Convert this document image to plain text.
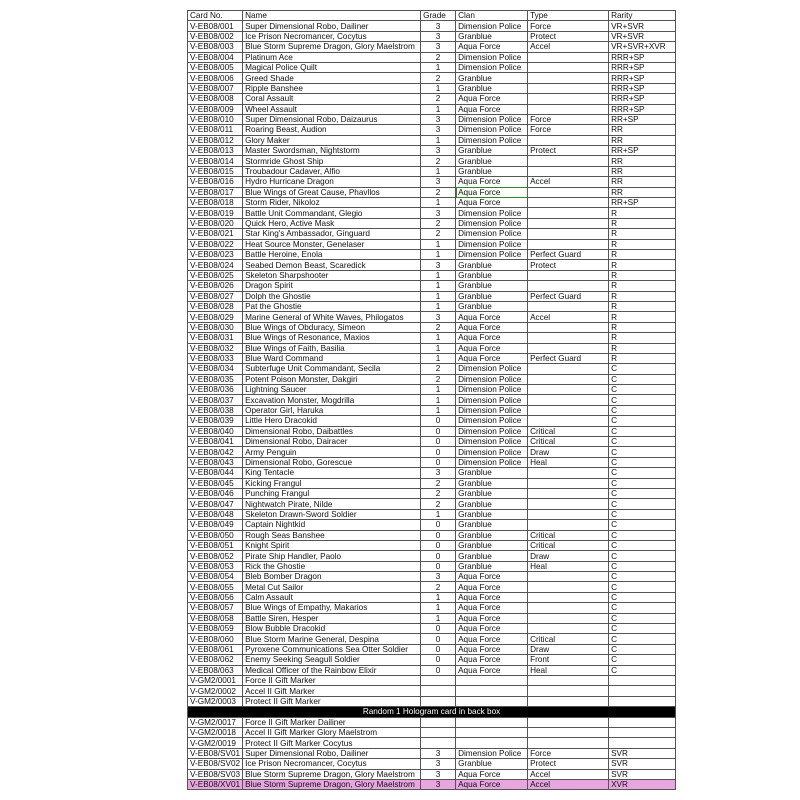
Card No.	Name	Grade	Clan	Type	Rarity
V-EB08/001	Super Dimensional Robo, Dailiner	3	Dimension Police	Force	VR+SVR
V-EB08/002	Ice Prison Necromancer, Cocytus	3	Granblue	Protect	VR+SVR
V-EB08/003	Blue Storm Supreme Dragon, Glory Maelstrom	3	Aqua Force	Accel	VR+SVR+XVR
V-EB08/004	Platinum Ace	2	Dimension Police		RRR+SP
V-EB08/005	Magical Police Quilt	1	Dimension Police		RRR+SP
V-EB08/006	Greed Shade	2	Granblue		RRR+SP
V-EB08/007	Ripple Banshee	1	Granblue		RRR+SP
V-EB08/008	Coral Assault	2	Aqua Force		RRR+SP
V-EB08/009	Wheel Assault	1	Aqua Force		RRR+SP
V-EB08/010	Super Dimensional Robo, Daizaurus	3	Dimension Police	Force	RR+SP
V-EB08/011	Roaring Beast, Audion	3	Dimension Police	Force	RR
V-EB08/012	Glory Maker	1	Dimension Police		RR
V-EB08/013	Master Swordsman, Nightstorm	3	Granblue	Protect	RR+SP
V-EB08/014	Stormride Ghost Ship	2	Granblue		RR
V-EB08/015	Troubadour Cadaver, Alfio	1	Granblue		RR
V-EB08/016	Hydro Hurricane Dragon	3	Aqua Force	Accel	RR
V-EB08/017	Blue Wings of Great Cause, Phavllos	2	Aqua Force		RR
V-EB08/018	Storm Rider, Nikoloz	1	Aqua Force		RR+SP
V-EB08/019	Battle Unit Commandant, Glegio	3	Dimension Police		R
V-EB08/020	Quick Hero, Active Mask	2	Dimension Police		R
V-EB08/021	Star King's Ambassador, Ginguard	2	Dimension Police		R
V-EB08/022	Heat Source Monster, Genelaser	1	Dimension Police		R
V-EB08/023	Battle Heroine, Enola	1	Dimension Police	Perfect Guard	R
V-EB08/024	Seabed Demon Beast, Scaredick	3	Granblue	Protect	R
V-EB08/025	Skeleton Sharpshooter	1	Granblue		R
V-EB08/026	Dragon Spirit	1	Granblue		R
V-EB08/027	Dolph the Ghostie	1	Granblue	Perfect Guard	R
V-EB08/028	Pat the Ghostie	1	Granblue		R
V-EB08/029	Marine General of White Waves, Philogatos	3	Aqua Force	Accel	R
V-EB08/030	Blue Wings of Obduracy, Simeon	2	Aqua Force		R
V-EB08/031	Blue Wings of Resonance, Maxios	1	Aqua Force		R
V-EB08/032	Blue Wings of Faith, Basilia	1	Aqua Force		R
V-EB08/033	Blue Ward Command	1	Aqua Force	Perfect Guard	R
V-EB08/034	Subterfuge Unit Commandant, Secila	2	Dimension Police		C
V-EB08/035	Potent Poison Monster, Dakgiri	2	Dimension Police		C
V-EB08/036	Lightning Saucer	1	Dimension Police		C
V-EB08/037	Excavation Monster, Mogdrilla	1	Dimension Police		C
V-EB08/038	Operator Girl, Haruka	1	Dimension Police		C
V-EB08/039	Little Hero Dracokid	0	Dimension Police		C
V-EB08/040	Dimensional Robo, Daibattles	0	Dimension Police	Critical	C
V-EB08/041	Dimensional Robo, Dairacer	0	Dimension Police	Critical	C
V-EB08/042	Army Penguin	0	Dimension Police	Draw	C
V-EB08/043	Dimensional Robo, Gorescue	0	Dimension Police	Heal	C
V-EB08/044	King Tentacle	3	Granblue		C
V-EB08/045	Kicking Frangul	2	Granblue		C
V-EB08/046	Punching Frangul	2	Granblue		C
V-EB08/047	Nightwatch Pirate, Nilde	2	Granblue		C
V-EB08/048	Skeleton Drawn-Sword Soldier	1	Granblue		C
V-EB08/049	Captain Nightkid	0	Granblue		C
V-EB08/050	Rough Seas Banshee	0	Granblue	Critical	C
V-EB08/051	Knight Spirit	0	Granblue	Critical	C
V-EB08/052	Pirate Ship Handler, Paolo	0	Granblue	Draw	C
V-EB08/053	Rick the Ghostie	0	Granblue	Heal	C
V-EB08/054	Bleb Bomber Dragon	3	Aqua Force		C
V-EB08/055	Metal Cut Sailor	2	Aqua Force		C
V-EB08/056	Calm Assault	1	Aqua Force		C
V-EB08/057	Blue Wings of Empathy, Makarios	1	Aqua Force		C
V-EB08/058	Battle Siren, Hesper	1	Aqua Force		C
V-EB08/059	Blow Bubble Dracokid	0	Aqua Force		C
V-EB08/060	Blue Storm Marine General, Despina	0	Aqua Force	Critical	C
V-EB08/061	Pyroxene Communications Sea Otter Soldier	0	Aqua Force	Draw	C
V-EB08/062	Enemy Seeking Seagull Soldier	0	Aqua Force	Front	C
V-EB08/063	Medical Officer of the Rainbow Elixir	0	Aqua Force	Heal	C
V-GM2/0001	Force II Gift Marker				
V-GM2/0002	Accel II Gift Marker				
V-GM2/0003	Protect II Gift Marker				
Random 1 Hologram card in back box					
V-GM2/0017	Force II Gift Marker Dailiner				
V-GM2/0018	Accel II Gift Marker Glory Maelstrom				
V-GM2/0019	Protect II Gift Marker Cocytus				
V-EB08/SV01	Super Dimensional Robo, Dailiner	3	Dimension Police	Force	SVR
V-EB08/SV02	Ice Prison Necromancer, Cocytus	3	Granblue	Protect	SVR
V-EB08/SV03	Blue Storm Supreme Dragon, Glory Maelstrom	3	Aqua Force	Accel	SVR
V-EB08/XV01	Blue Storm Supreme Dragon, Glory Maelstrom	3	Aqua Force	Accel	XVR
